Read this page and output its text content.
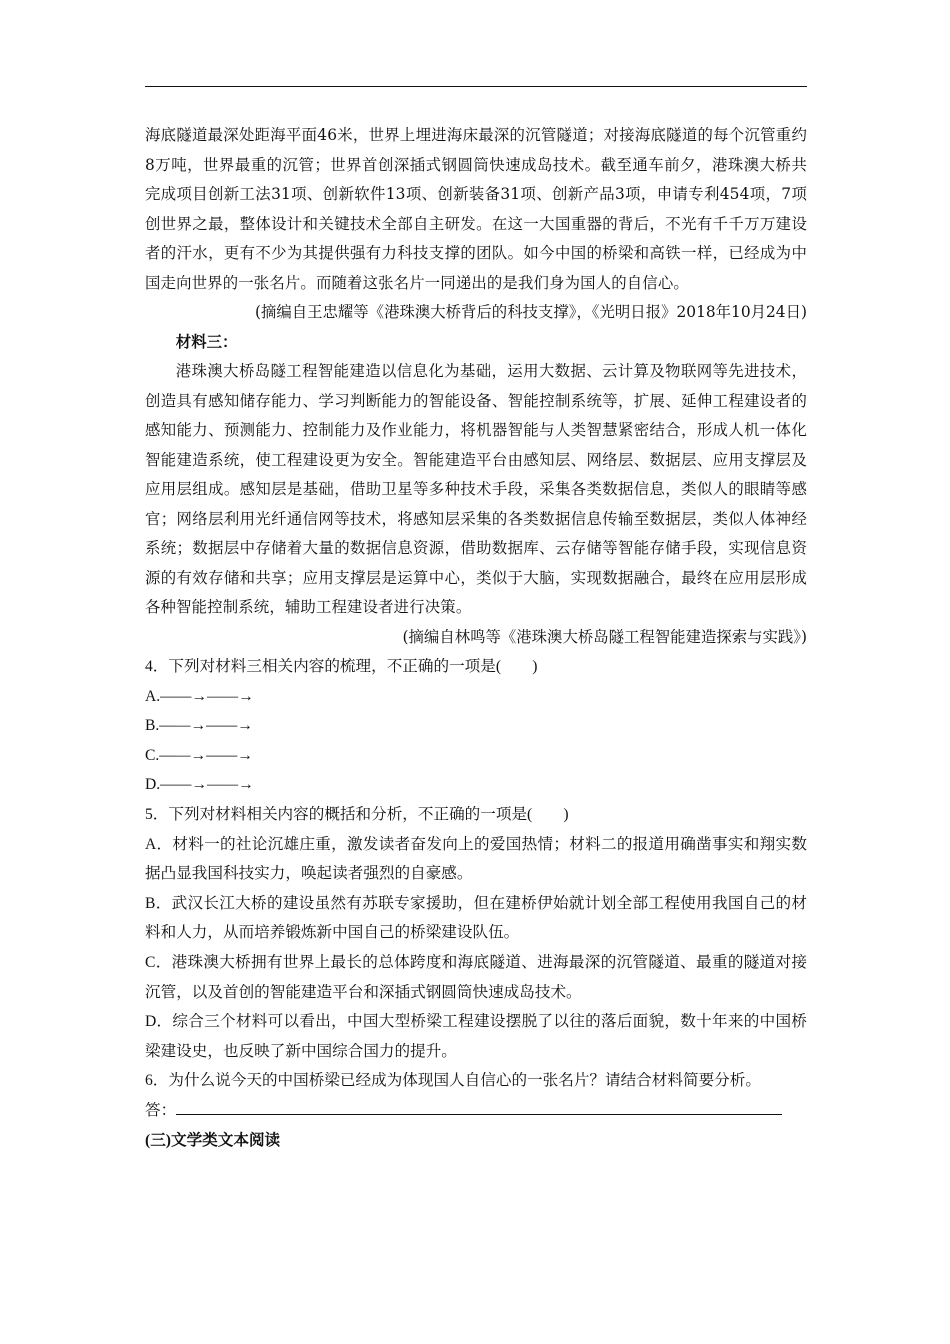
海底隧道最深处距海平面46米，世界上埋进海床最深的沉管隧道；对接海底隧道的每个沉管重约8万吨，世界最重的沉管；世界首创深插式钢圆筒快速成岛技术。截至通车前夕，港珠澳大桥共完成项目创新工法31项、创新软件13项、创新装备31项、创新产品3项，申请专利454项，7项创世界之最，整体设计和关键技术全部自主研发。在这一大国重器的背后，不光有千千万万建设者的汗水，更有不少为其提供强有力科技支撑的团队。如今中国的桥梁和高铁一样，已经成为中国走向世界的一张名片。而随着这张名片一同递出的是我们身为国人的自信心。

(摘编自王忠耀等《港珠澳大桥背后的科技支撑》，《光明日报》2018年10月24日)

材料三：

港珠澳大桥岛隧工程智能建造以信息化为基础，运用大数据、云计算及物联网等先进技术，创造具有感知储存能力、学习判断能力的智能设备、智能控制系统等，扩展、延伸工程建设者的感知能力、预测能力、控制能力及作业能力，将机器智能与人类智慧紧密结合，形成人机一体化智能建造系统，使工程建设更为安全。智能建造平台由感知层、网络层、数据层、应用支撑层及应用层组成。感知层是基础，借助卫星等多种技术手段，采集各类数据信息，类似人的眼睛等感官；网络层利用光纤通信网等技术，将感知层采集的各类数据信息传输至数据层，类似人体神经系统；数据层中存储着大量的数据信息资源，借助数据库、云存储等智能存储手段，实现信息资源的有效存储和共享；应用支撑层是运算中心，类似于大脑，实现数据融合，最终在应用层形成各种智能控制系统，辅助工程建设者进行决策。

(摘编自林鸣等《港珠澳大桥岛隧工程智能建造探索与实践》)

4．下列对材料三相关内容的梳理，不正确的一项是(　　)

A.——→——→

B.——→——→

C.——→——→

D.——→——→

5．下列对材料相关内容的概括和分析，不正确的一项是(　　)

A．材料一的社论沉雄庄重，激发读者奋发向上的爱国热情；材料二的报道用确凿事实和翔实数据凸显我国科技实力，唤起读者强烈的自豪感。

B．武汉长江大桥的建设虽然有苏联专家援助，但在建桥伊始就计划全部工程使用我国自己的材料和人力，从而培养锻炼新中国自己的桥梁建设队伍。

C．港珠澳大桥拥有世界上最长的总体跨度和海底隧道、进海最深的沉管隧道、最重的隧道对接沉管，以及首创的智能建造平台和深插式钢圆筒快速成岛技术。

D．综合三个材料可以看出，中国大型桥梁工程建设摆脱了以往的落后面貌，数十年来的中国桥梁建设史，也反映了新中国综合国力的提升。

6．为什么说今天的中国桥梁已经成为体现国人自信心的一张名片？请结合材料简要分析。

答：

(三)文学类文本阅读
